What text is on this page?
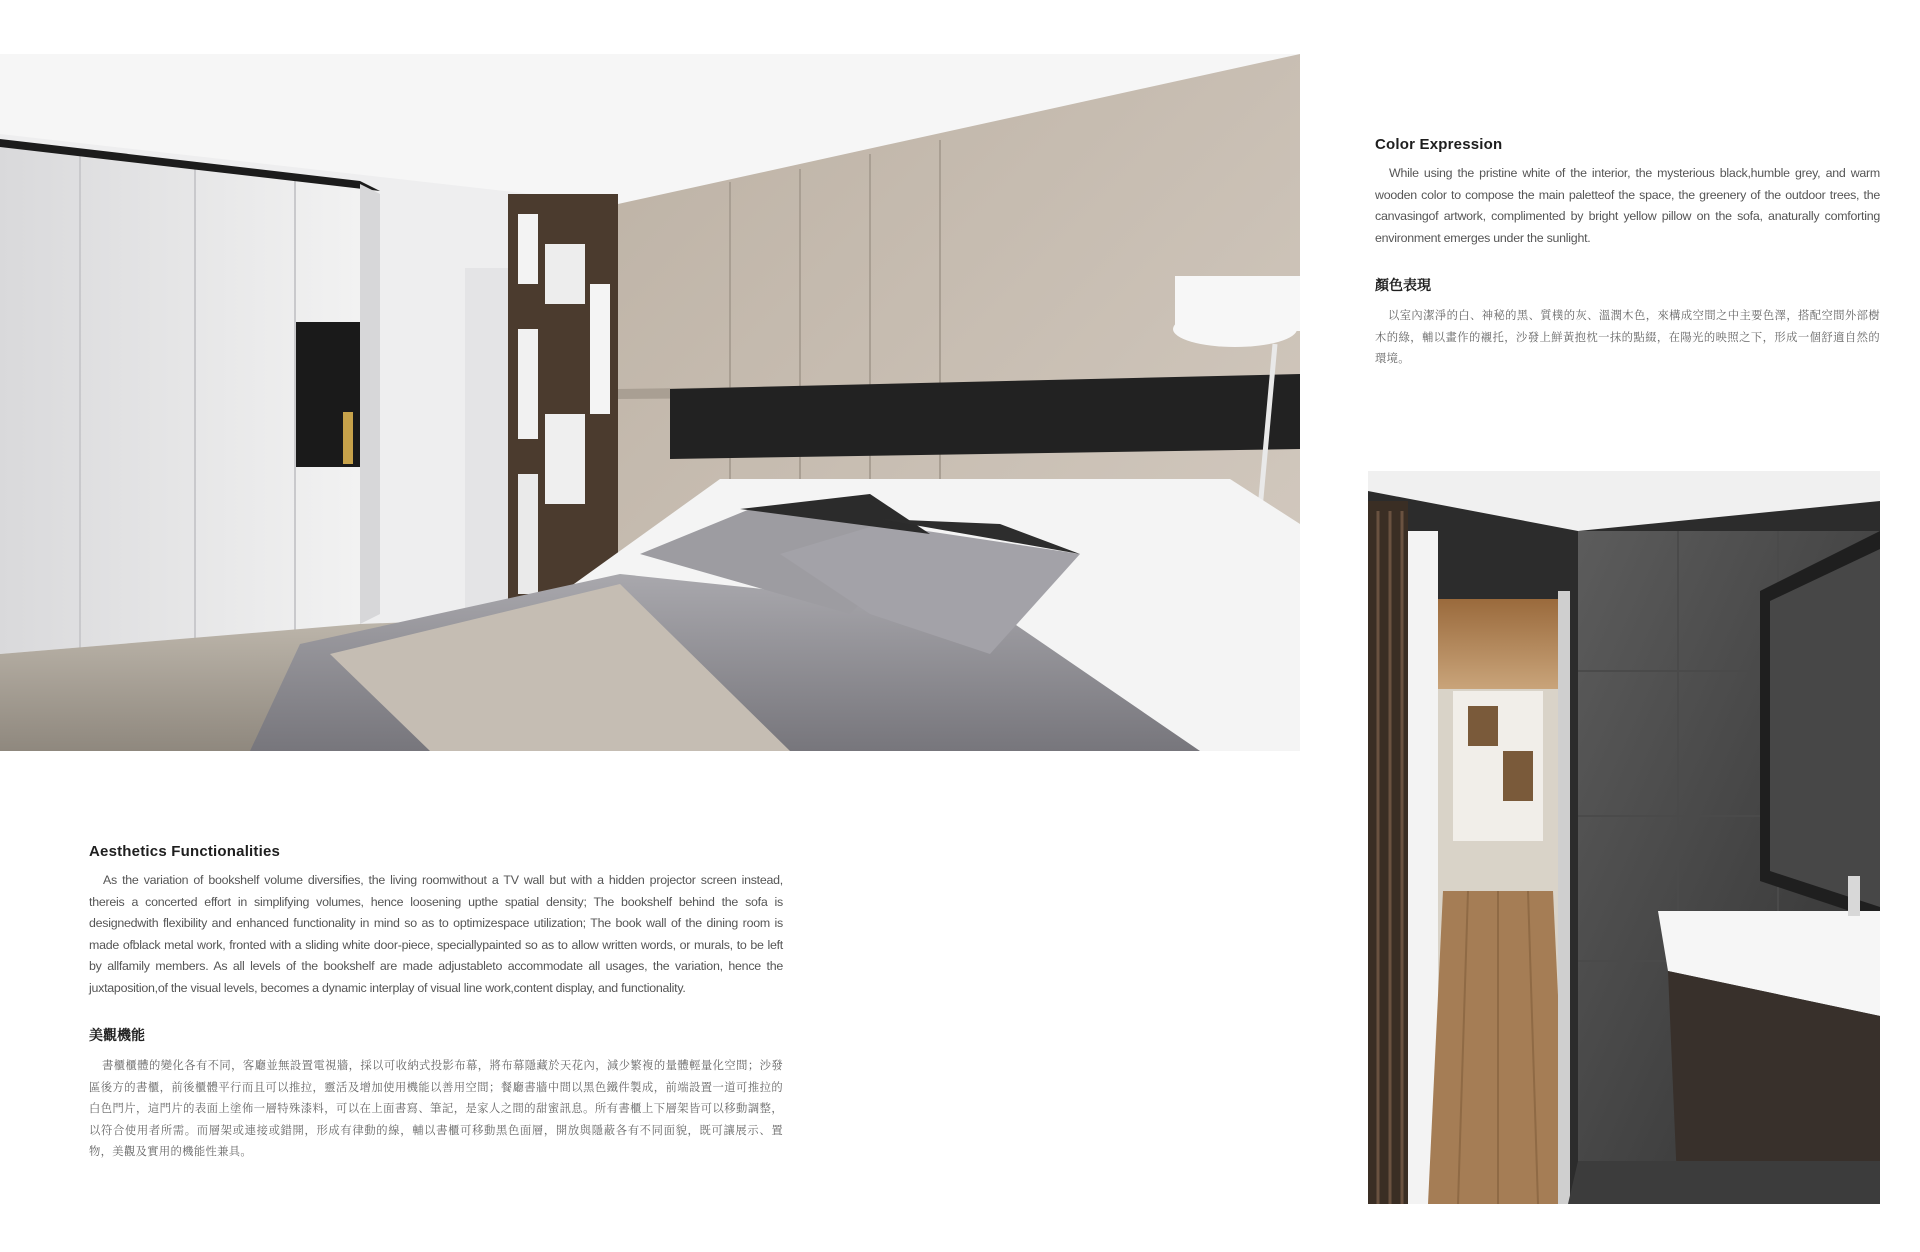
Color Expression

While using the pristine white of the interior, the mysterious black,humble grey, and warm wooden color to compose the main paletteof the space, the greenery of the outdoor trees, the canvasingof artwork, complimented by bright yellow pillow on the sofa, anaturally comforting environment emerges under the sunlight.

顏色表現

以室內潔淨的白、神秘的黑、質樸的灰、溫潤木色，來構成空間之中主要色澤，搭配空間外部樹木的綠，輔以畫作的襯托，沙發上鮮黃抱枕一抹的點綴，在陽光的映照之下，形成一個舒適自然的環境。

Aesthetics Functionalities

As the variation of bookshelf volume diversifies, the living roomwithout a TV wall but with a hidden projector screen instead, thereis a concerted effort in simplifying volumes, hence loosening upthe spatial density; The bookshelf behind the sofa is designedwith flexibility and enhanced functionality in mind so as to optimizespace utilization; The book wall of the dining room is made ofblack metal work, fronted with a sliding white door-piece, speciallypainted so as to allow written words, or murals, to be left by allfamily members. As all levels of the bookshelf are made adjustableto accommodate all usages, the variation, hence the juxtaposition,of the visual levels, becomes a dynamic interplay of visual line work,content display, and functionality.

美觀機能

書櫃櫃體的變化各有不同，客廳並無設置電視牆，採以可收納式投影布幕，將布幕隱藏於天花內，減少繁複的量體輕量化空間；沙發區後方的書櫃，前後櫃體平行而且可以推拉，靈活及增加使用機能以善用空間；餐廳書牆中間以黑色鐵件製成，前端設置一道可推拉的白色門片，這門片的表面上塗佈一層特殊漆料，可以在上面書寫、筆記，是家人之間的甜蜜訊息。所有書櫃上下層架皆可以移動調整，以符合使用者所需。而層架或連接或錯開，形成有律動的線，輔以書櫃可移動黑色面層，開放與隱蔽各有不同面貌，既可讓展示、置物，美觀及實用的機能性兼具。
